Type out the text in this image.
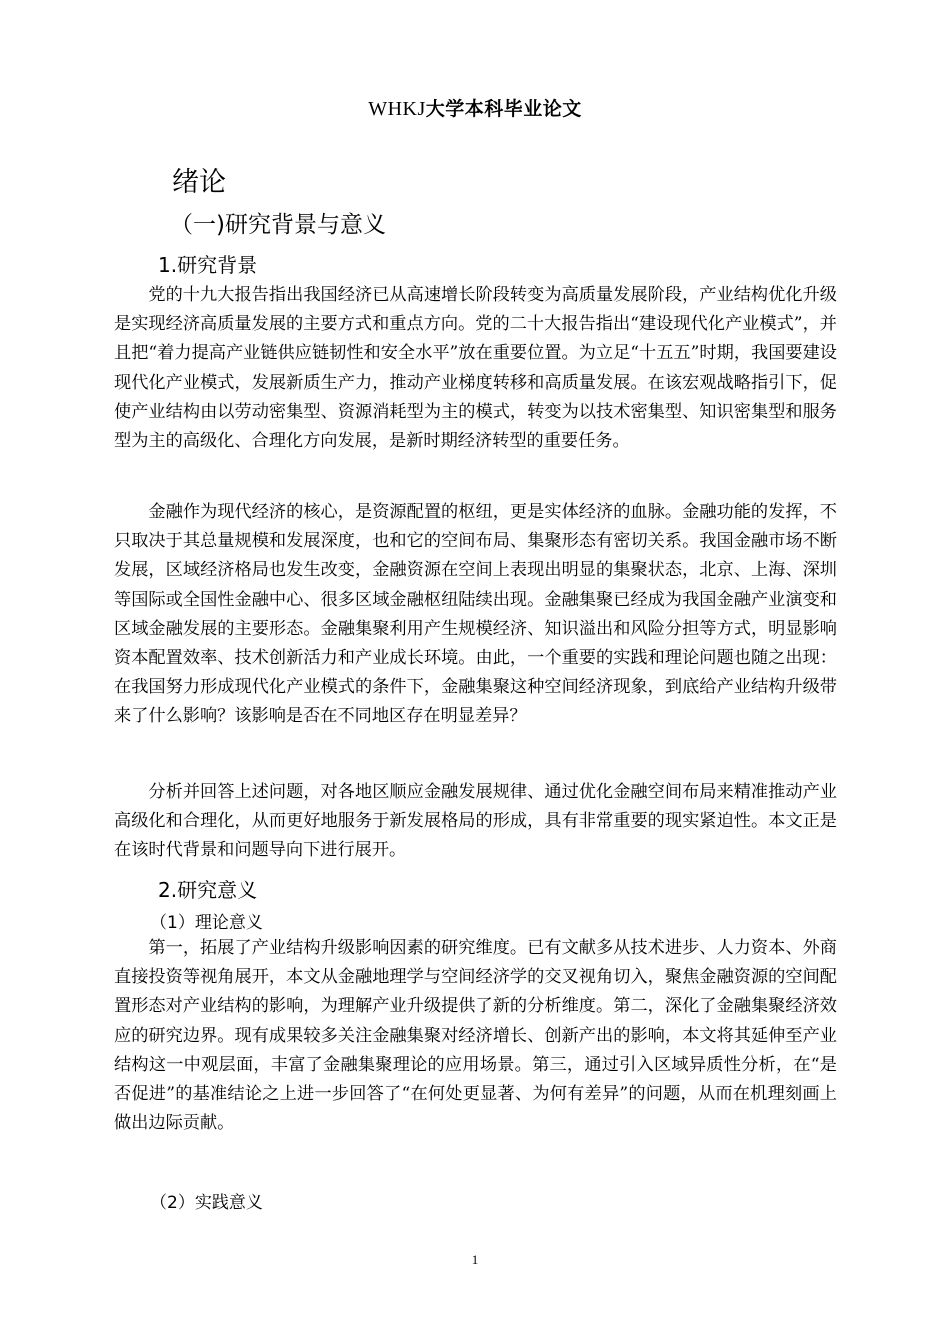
WHKJ大学本科毕业论文
绪论
（一)研究背景与意义
1.研究背景

党的十九大报告指出我国经济已从高速增长阶段转变为高质量发展阶段，产业结构优化升级是实现经济高质量发展的主要方式和重点方向。党的二十大报告指出“建设现代化产业模式”，并且把“着力提高产业链供应链韧性和安全水平”放在重要位置。为立足“十五五”时期，我国要建设现代化产业模式，发展新质生产力，推动产业梯度转移和高质量发展。在该宏观战略指引下，促使产业结构由以劳动密集型、资源消耗型为主的模式，转变为以技术密集型、知识密集型和服务型为主的高级化、合理化方向发展，是新时期经济转型的重要任务。

金融作为现代经济的核心，是资源配置的枢纽，更是实体经济的血脉。金融功能的发挥，不只取决于其总量规模和发展深度，也和它的空间布局、集聚形态有密切关系。我国金融市场不断发展，区域经济格局也发生改变，金融资源在空间上表现出明显的集聚状态，北京、上海、深圳等国际或全国性金融中心、很多区域金融枢纽陆续出现。金融集聚已经成为我国金融产业演变和区域金融发展的主要形态。金融集聚利用产生规模经济、知识溢出和风险分担等方式，明显影响资本配置效率、技术创新活力和产业成长环境。由此，一个重要的实践和理论问题也随之出现：在我国努力形成现代化产业模式的条件下，金融集聚这种空间经济现象，到底给产业结构升级带来了什么影响？该影响是否在不同地区存在明显差异？

分析并回答上述问题，对各地区顺应金融发展规律、通过优化金融空间布局来精准推动产业高级化和合理化，从而更好地服务于新发展格局的形成，具有非常重要的现实紧迫性。本文正是在该时代背景和问题导向下进行展开。

2.研究意义
（1）理论意义

第一，拓展了产业结构升级影响因素的研究维度。已有文献多从技术进步、人力资本、外商直接投资等视角展开，本文从金融地理学与空间经济学的交叉视角切入，聚焦金融资源的空间配置形态对产业结构的影响，为理解产业升级提供了新的分析维度。第二，深化了金融集聚经济效应的研究边界。现有成果较多关注金融集聚对经济增长、创新产出的影响，本文将其延伸至产业结构这一中观层面，丰富了金融集聚理论的应用场景。第三，通过引入区域异质性分析，在“是否促进”的基准结论之上进一步回答了“在何处更显著、为何有差异”的问题，从而在机理刻画上做出边际贡献。

（2）实践意义
1
